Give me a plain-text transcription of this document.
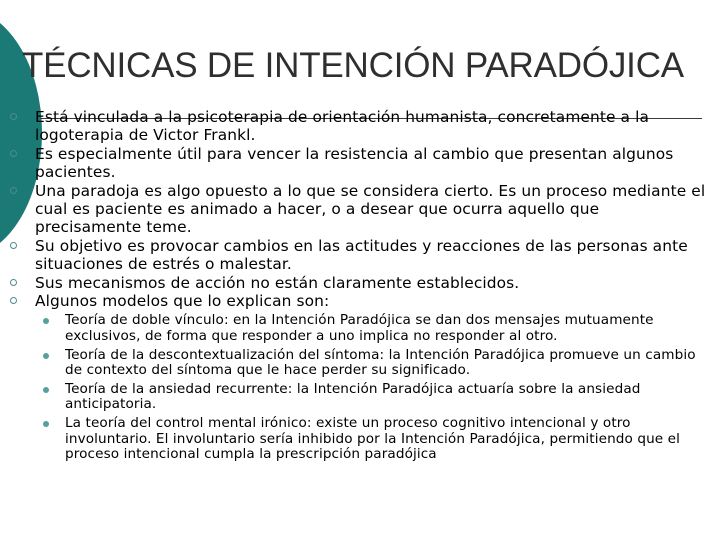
TÉCNICAS DE INTENCIÓN PARADÓJICA
Está vinculada a la psicoterapia de orientación humanista, concretamente a la logoterapia de Victor Frankl.
Es especialmente útil para vencer la resistencia al cambio que presentan algunos pacientes.
Una paradoja es algo opuesto a lo que se considera cierto. Es un proceso mediante el cual es paciente es animado a hacer, o a desear que ocurra aquello que precisamente teme.
Su objetivo es provocar cambios en las actitudes y reacciones de las personas ante situaciones de estrés o malestar.
Sus mecanismos de acción no están claramente establecidos.
Algunos modelos que lo explican son:
Teoría de doble vínculo: en la Intención Paradójica se dan dos mensajes mutuamente exclusivos, de forma que responder a uno implica no responder al otro.
Teoría de la descontextualización del síntoma: la Intención Paradójica promueve un cambio de contexto del síntoma que le hace perder su significado.
Teoría de la ansiedad recurrente: la Intención Paradójica actuaría sobre la ansiedad anticipatoria.
La teoría del control mental irónico: existe un proceso cognitivo intencional y otro involuntario. El involuntario sería inhibido por la Intención Paradójica, permitiendo que el proceso intencional cumpla la prescripción paradójica
